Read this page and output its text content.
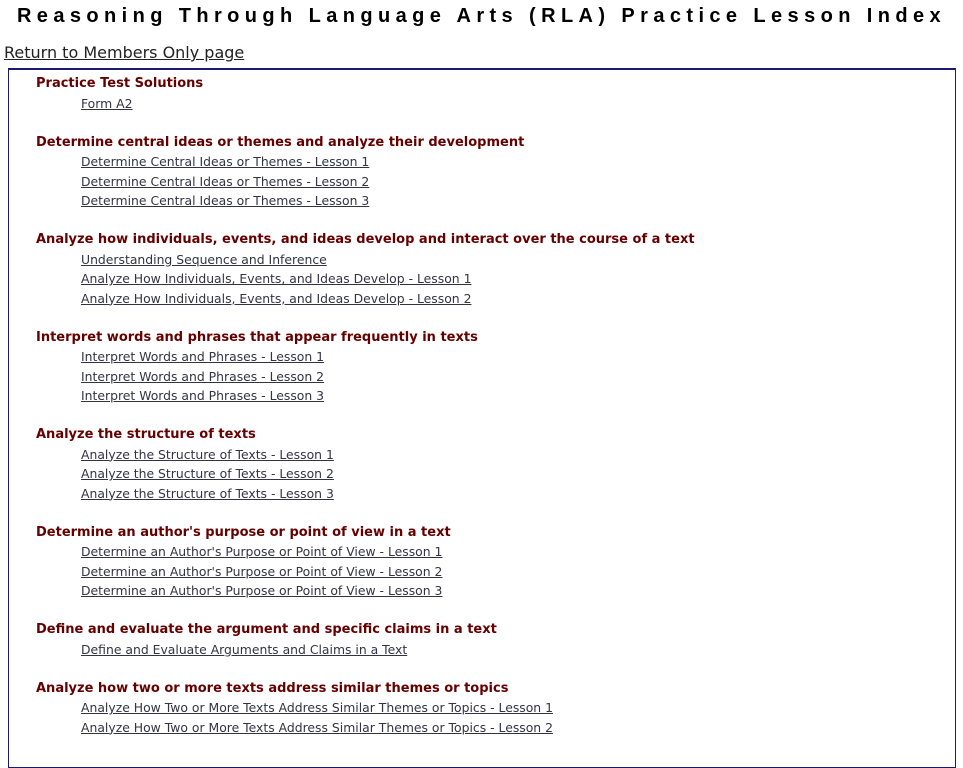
Reasoning Through Language Arts (RLA) Practice Lesson Index
Return to Members Only page
Practice Test Solutions
Form A2
Determine central ideas or themes and analyze their development
Determine Central Ideas or Themes - Lesson 1
Determine Central Ideas or Themes - Lesson 2
Determine Central Ideas or Themes - Lesson 3
Analyze how individuals, events, and ideas develop and interact over the course of a text
Understanding Sequence and Inference
Analyze How Individuals, Events, and Ideas Develop - Lesson 1
Analyze How Individuals, Events, and Ideas Develop - Lesson 2
Interpret words and phrases that appear frequently in texts
Interpret Words and Phrases - Lesson 1
Interpret Words and Phrases - Lesson 2
Interpret Words and Phrases - Lesson 3
Analyze the structure of texts
Analyze the Structure of Texts - Lesson 1
Analyze the Structure of Texts - Lesson 2
Analyze the Structure of Texts - Lesson 3
Determine an author's purpose or point of view in a text
Determine an Author's Purpose or Point of View - Lesson 1
Determine an Author's Purpose or Point of View - Lesson 2
Determine an Author's Purpose or Point of View - Lesson 3
Define and evaluate the argument and specific claims in a text
Define and Evaluate Arguments and Claims in a Text
Analyze how two or more texts address similar themes or topics
Analyze How Two or More Texts Address Similar Themes or Topics - Lesson 1
Analyze How Two or More Texts Address Similar Themes or Topics - Lesson 2
